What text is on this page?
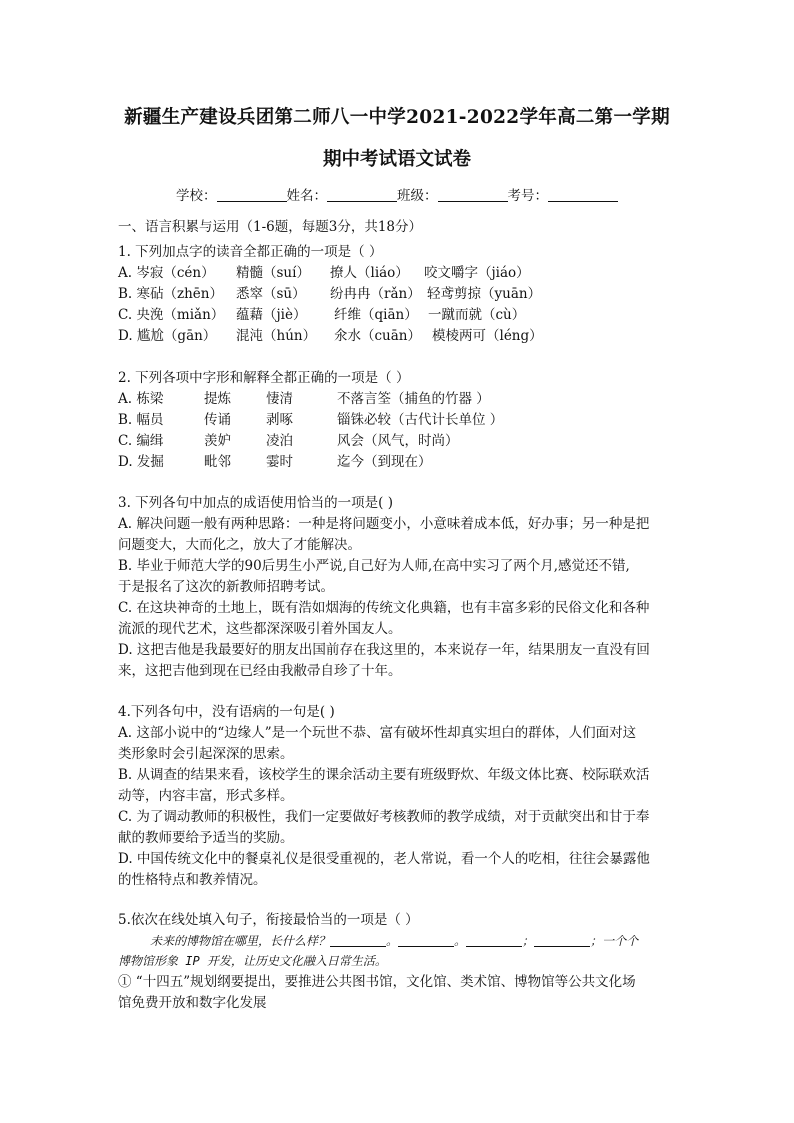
新疆生产建设兵团第二师八一中学2021-2022学年高二第一学期
期中考试语文试卷
学校：	姓名：	班级：	考号：
一、语言积累与运用（1-6题，每题3分，共18分）
1. 下列加点字的读音全都正确的一项是（ ）
A. 岑寂（cén） 精髓（suí） 撩人（liáo） 咬文嚼字（jiáo）
B. 寒砧（zhēn） 悉窣（sū） 纷冉冉（rǎn） 轻鸢剪掠（yuān）
C. 央浼（miǎn） 蕴藉（jiè） 纤维（qiān） 一蹴而就（cù）
D. 尴尬（gān） 混沌（hún） 氽水（cuān） 模棱两可（léng）
2. 下列各项中字形和解释全都正确的一项是（ ）
A. 栋梁	提炼	悽清	不落言筌（捕鱼的竹器 ）
B. 幅员	传诵	剥啄	锱铢必较（古代计长单位 ）
C. 编缉	羡妒	凌泊	风会（风气，时尚）
D. 发掘	毗邻	霎时	迄今（到现在）
3. 下列各句中加点的成语使用恰当的一项是( )
A. 解决问题一般有两种思路：一种是将问题变小，小意味着成本低，好办事；另一种是把
问题变大，大而化之，放大了才能解决。
B. 毕业于师范大学的90后男生小严说,自己好为人师,在高中实习了两个月,感觉还不错,
于是报名了这次的新教师招聘考试。
C. 在这块神奇的土地上，既有浩如烟海的传统文化典籍，也有丰富多彩的民俗文化和各种
流派的现代艺术，这些都深深吸引着外国友人。
D. 这把吉他是我最要好的朋友出国前存在我这里的，本来说存一年，结果朋友一直没有回
来，这把吉他到现在已经由我敝帚自珍了十年。
4.下列各句中，没有语病的一句是( )
A. 这部小说中的“边缘人”是一个玩世不恭、富有破坏性却真实坦白的群体，人们面对这
类形象时会引起深深的思索。
B. 从调查的结果来看，该校学生的课余活动主要有班级野炊、年级文体比赛、校际联欢活
动等，内容丰富，形式多样。
C. 为了调动教师的积极性，我们一定要做好考核教师的教学成绩，对于贡献突出和甘于奉
献的教师要给予适当的奖励。
D. 中国传统文化中的餐桌礼仪是很受重视的，老人常说，看一个人的吃相，往往会暴露他
的性格特点和教养情况。
5.依次在线处填入句子，衔接最恰当的一项是（ ）
未来的博物馆在哪里，长什么样？	。	。	；	；一个个
博物馆形象 IP 开发，让历史文化融入日常生活。
① “十四五”规划纲要提出，要推进公共图书馆，文化馆、类术馆、博物馆等公共文化场
馆免费开放和数字化发展
